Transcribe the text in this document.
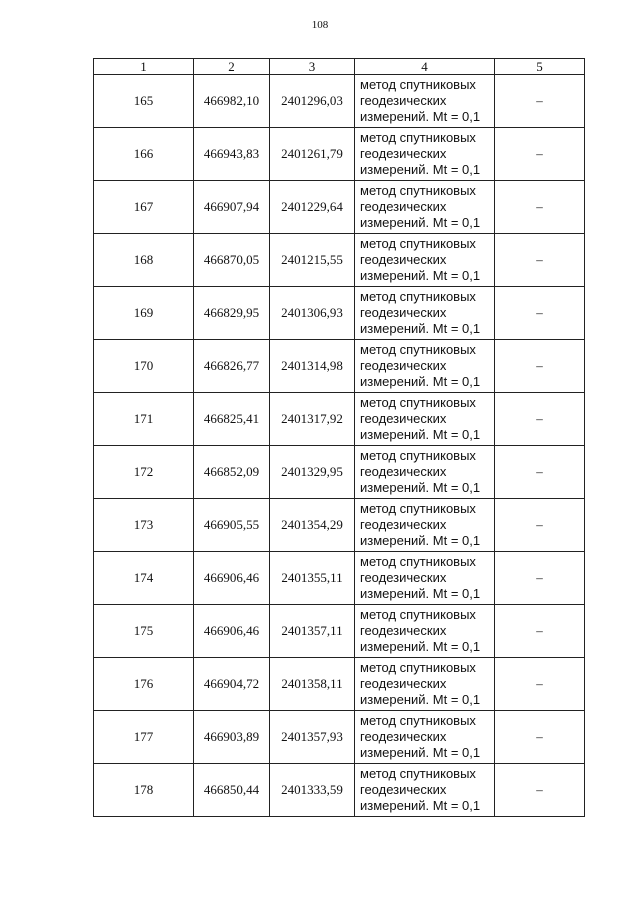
108
1	2	3	4	5
165	466982,10	2401296,03	метод спутниковых
геодезических
измерений. Mt = 0,1	–
166	466943,83	2401261,79	метод спутниковых
геодезических
измерений. Mt = 0,1	–
167	466907,94	2401229,64	метод спутниковых
геодезических
измерений. Mt = 0,1	–
168	466870,05	2401215,55	метод спутниковых
геодезических
измерений. Mt = 0,1	–
169	466829,95	2401306,93	метод спутниковых
геодезических
измерений. Mt = 0,1	–
170	466826,77	2401314,98	метод спутниковых
геодезических
измерений. Mt = 0,1	–
171	466825,41	2401317,92	метод спутниковых
геодезических
измерений. Mt = 0,1	–
172	466852,09	2401329,95	метод спутниковых
геодезических
измерений. Mt = 0,1	–
173	466905,55	2401354,29	метод спутниковых
геодезических
измерений. Mt = 0,1	–
174	466906,46	2401355,11	метод спутниковых
геодезических
измерений. Mt = 0,1	–
175	466906,46	2401357,11	метод спутниковых
геодезических
измерений. Mt = 0,1	–
176	466904,72	2401358,11	метод спутниковых
геодезических
измерений. Mt = 0,1	–
177	466903,89	2401357,93	метод спутниковых
геодезических
измерений. Mt = 0,1	–
178	466850,44	2401333,59	метод спутниковых
геодезических
измерений. Mt = 0,1	–
